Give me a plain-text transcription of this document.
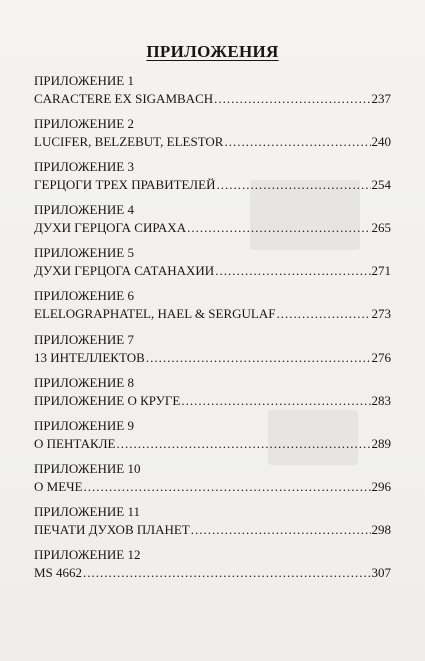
ПРИЛОЖЕНИЯ
ПРИЛОЖЕНИЕ 1
CARACTERE EX SIGAMBACH .....	237
ПРИЛОЖЕНИЕ 2
LUCIFER, BELZEBUT, ELESTOR .....	240
ПРИЛОЖЕНИЕ 3
ГЕРЦОГИ ТРЕХ ПРАВИТЕЛЕЙ .....	254
ПРИЛОЖЕНИЕ 4
ДУХИ ГЕРЦОГА СИРАХА .....	265
ПРИЛОЖЕНИЕ 5
ДУХИ ГЕРЦОГА САТАНАХИИ .....	271
ПРИЛОЖЕНИЕ 6
ELELOGRAPHATEL, HAEL & SERGULAF .....	273
ПРИЛОЖЕНИЕ 7
13 ИНТЕЛЛЕКТОВ .....	276
ПРИЛОЖЕНИЕ 8
ПРИЛОЖЕНИЕ О КРУГЕ .....	283
ПРИЛОЖЕНИЕ 9
О ПЕНТАКЛЕ .....	289
ПРИЛОЖЕНИЕ 10
О МЕЧЕ .....	296
ПРИЛОЖЕНИЕ 11
ПЕЧАТИ ДУХОВ ПЛАНЕТ .....	298
ПРИЛОЖЕНИЕ 12
MS 4662 .....	307
